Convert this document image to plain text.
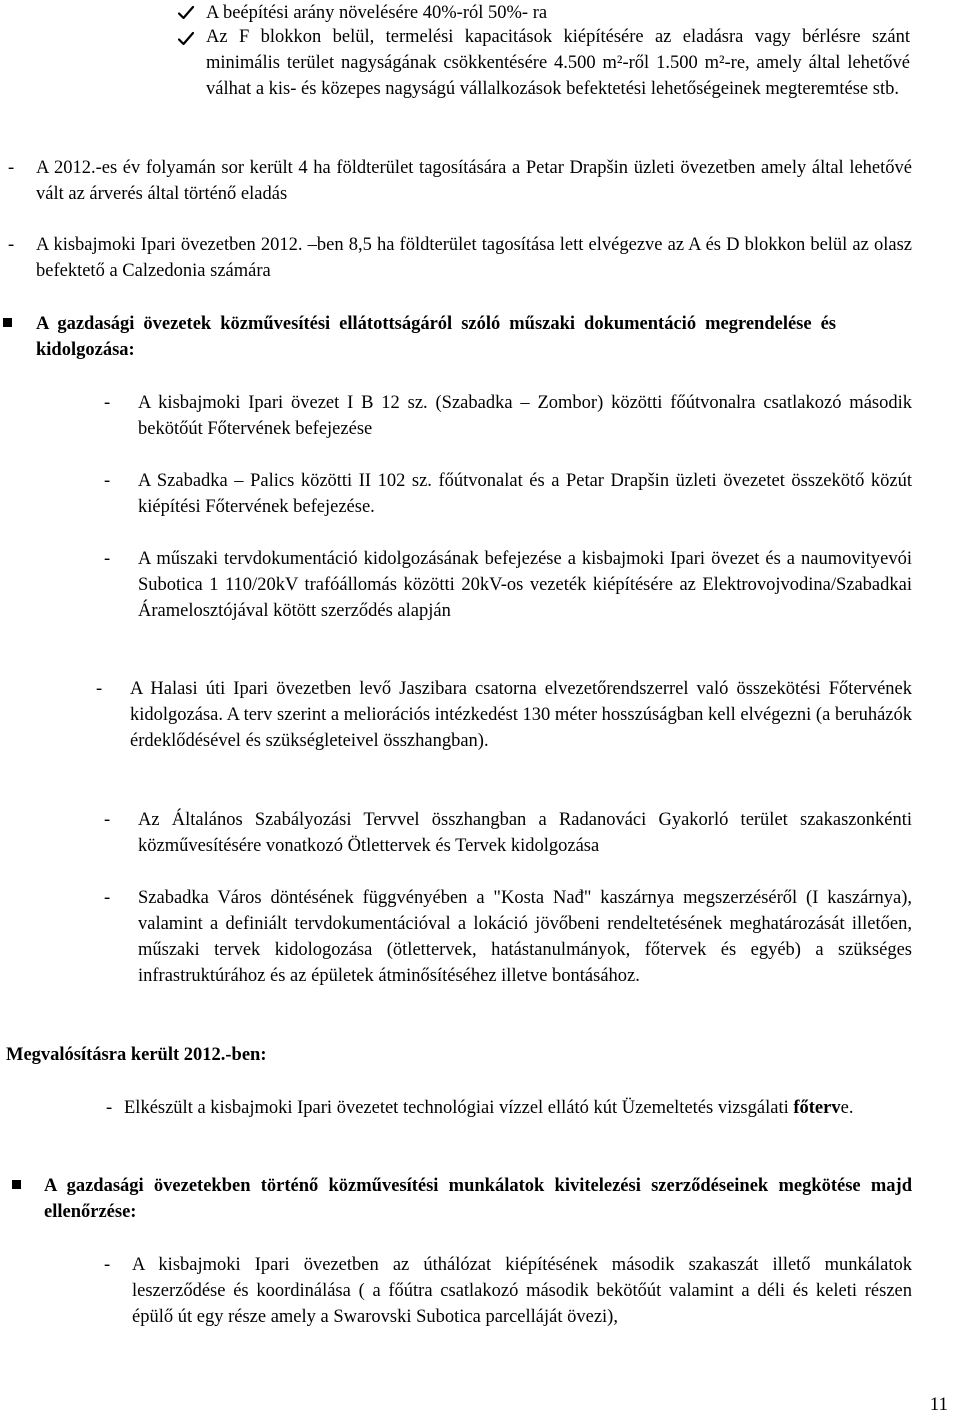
A beépítési arány növelésére 40%-ról 50%- ra

Az F blokkon belül, termelési kapacitások kiépítésére az eladásra vagy bérlésre szánt minimális terület nagyságának csökkentésére 4.500 m²-ről 1.500 m²-re, amely által lehetővé válhat a kis- és közepes nagyságú vállalkozások befektetési lehetőségeinek megteremtése stb.

- A 2012.-es év folyamán sor került 4 ha földterület tagosítására a Petar Drapšin üzleti övezetben amely által lehetővé vált az árverés által történő eladás

- A kisbajmoki Ipari övezetben 2012. –ben 8,5 ha földterület tagosítása lett elvégezve az A és D blokkon belül az olasz befektető a Calzedonia számára

A gazdasági övezetek közművesítési ellátottságáról szóló műszaki dokumentáció megrendelése és kidolgozása:

- A kisbajmoki Ipari övezet I B 12 sz. (Szabadka – Zombor) közötti főútvonalra csatlakozó második bekötőút Főtervének befejezése

- A Szabadka – Palics közötti II 102 sz. főútvonalat és a Petar Drapšin üzleti övezetet összekötő közút kiépítési Főtervének befejezése.

- A műszaki tervdokumentáció kidolgozásának befejezése a kisbajmoki Ipari övezet és a naumovityevói Subotica 1 110/20kV trafóállomás közötti 20kV-os vezeték kiépítésére az Elektrovojvodina/Szabadkai Áramelosztójával kötött szerződés alapján

- A Halasi úti Ipari övezetben levő Jaszibara csatorna elvezetőrendszerrel való összekötési Főtervének kidolgozása. A terv szerint a meliorációs intézkedést 130 méter hosszúságban kell elvégezni (a beruházók érdeklődésével és szükségleteivel összhangban).

- Az Általános Szabályozási Tervvel összhangban a Radanováci Gyakorló terület szakaszonkénti közművesítésére vonatkozó Ötlettervek és Tervek kidolgozása

- Szabadka Város döntésének függvényében a "Kosta Nađ" kaszárnya megszerzéséről (I kaszárnya), valamint a definiált tervdokumentációval a lokáció jövőbeni rendeltetésének meghatározását illetően, műszaki tervek kidologozása (ötlettervek, hatástanulmányok, főtervek és egyéb) a szükséges infrastruktúrához és az épületek átminősítéséhez illetve bontásához.

Megvalósításra került 2012.-ben:

- Elkészült a kisbajmoki Ipari övezetet technológiai vízzel ellátó kút Üzemeltetés vizsgálati főterve.

A gazdasági övezetekben történő közművesítési munkálatok kivitelezési szerződéseinek megkötése majd ellenőrzése:

- A kisbajmoki Ipari övezetben az úthálózat kiépítésének második szakaszát illető munkálatok leszerződése és koordinálása ( a főútra csatlakozó második bekötőút valamint a déli és keleti részen épülő út egy része amely a Swarovski Subotica parcelláját övezi),

11
